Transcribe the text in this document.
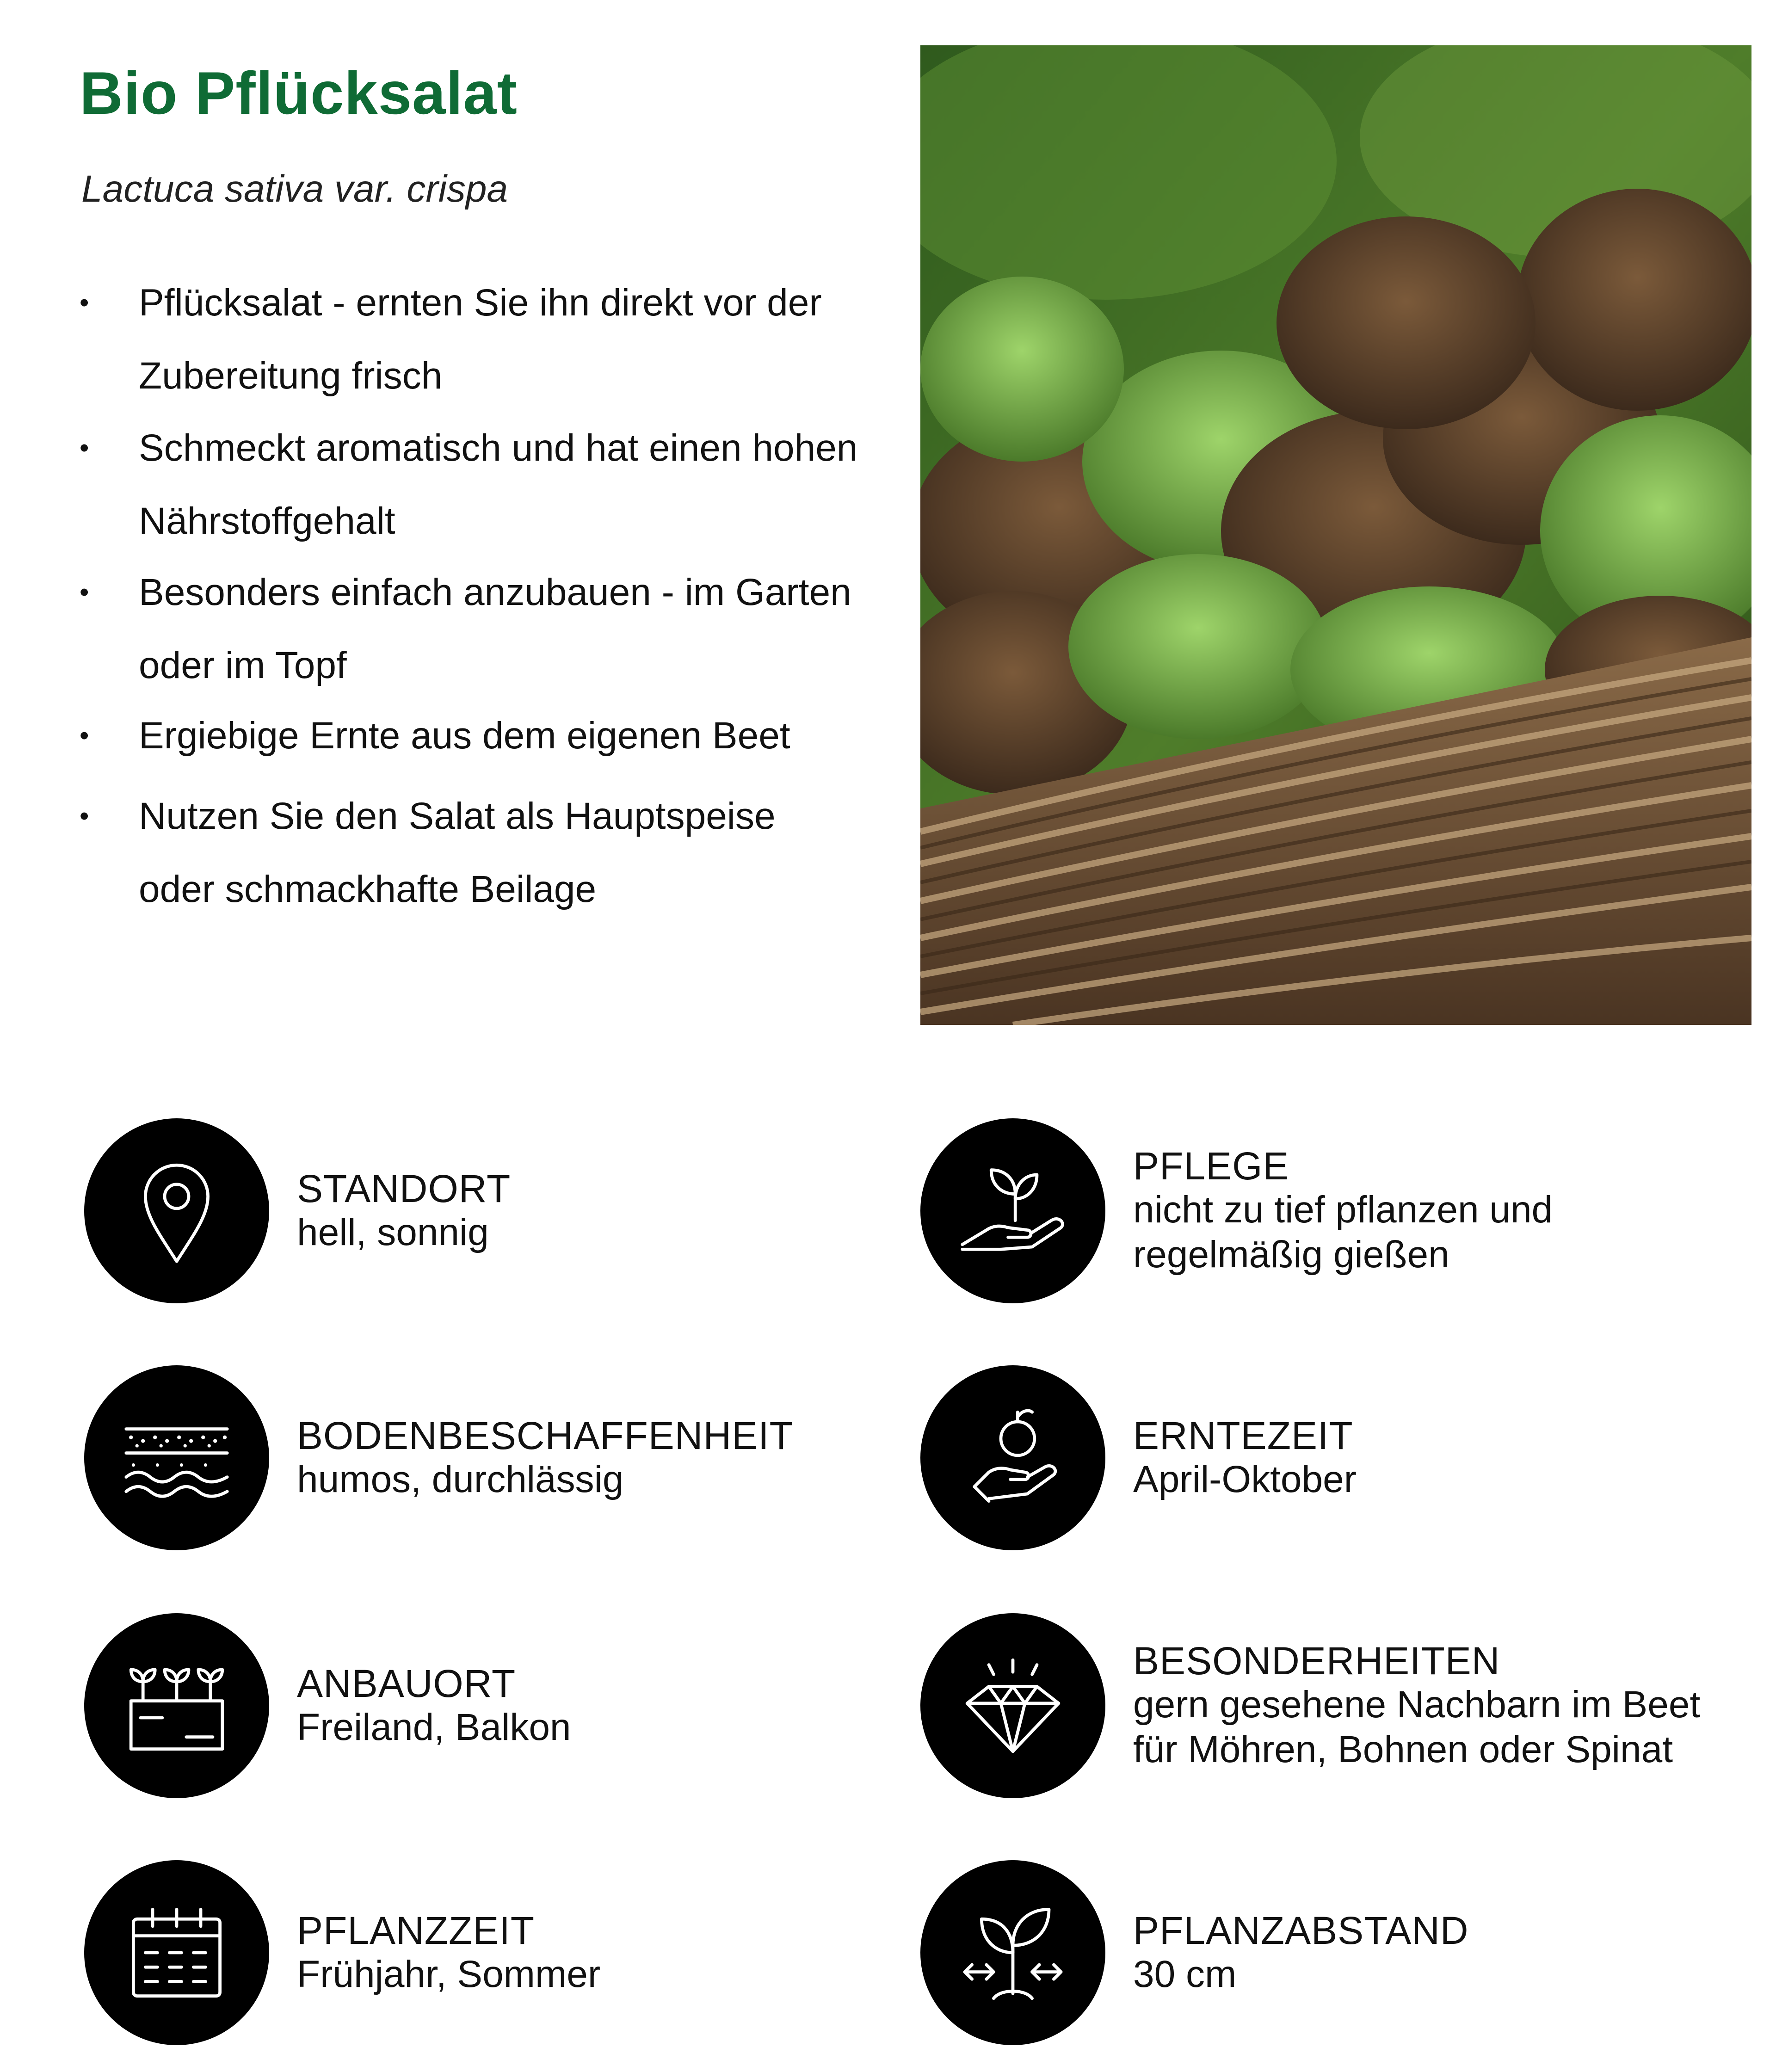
Bio Pflücksalat

Lactuca sativa var. crispa

• Pflücksalat - ernten Sie ihn direkt vor der Zubereitung frisch
• Schmeckt aromatisch und hat einen hohen Nährstoffgehalt
• Besonders einfach anzubauen - im Garten oder im Topf
• Ergiebige Ernte aus dem eigenen Beet
• Nutzen Sie den Salat als Hauptspeise oder schmackhafte Beilage
STANDORT
hell, sonnig
BODENBESCHAFFENHEIT
humos, durchlässig
ANBAUORT
Freiland, Balkon
PFLANZZEIT
Frühjahr, Sommer
PFLEGE
nicht zu tief pflanzen und regelmäßig gießen
ERNTEZEIT
April-Oktober
BESONDERHEITEN
gern gesehene Nachbarn im Beet für Möhren, Bohnen oder Spinat
PFLANZABSTAND
30 cm
